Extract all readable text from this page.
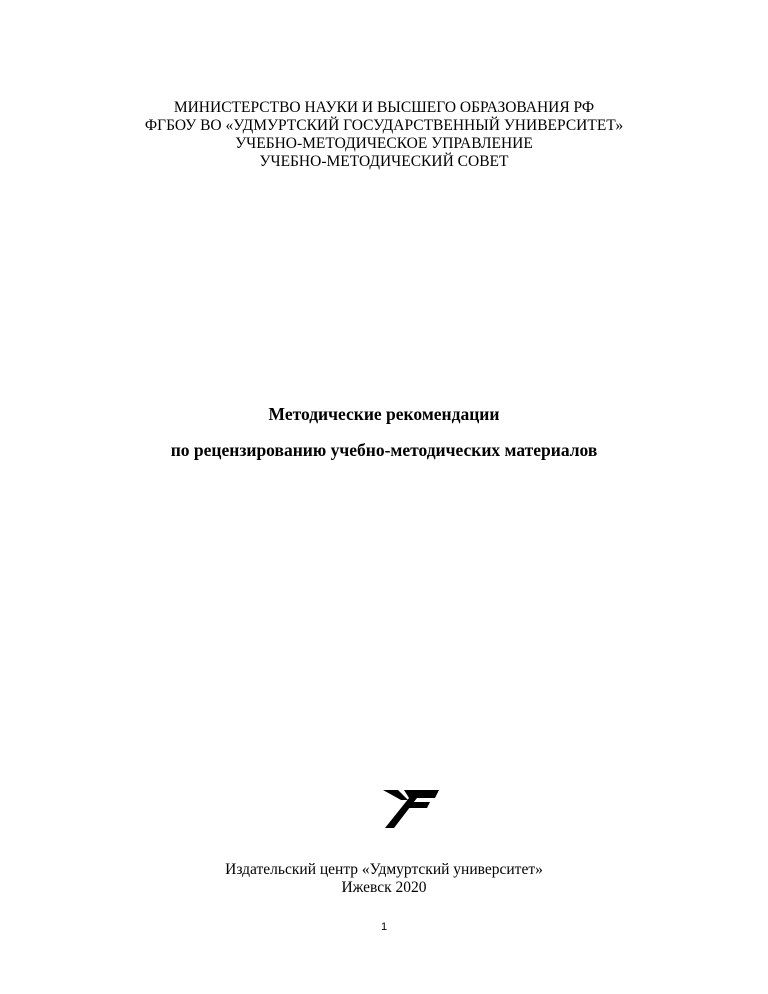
МИНИСТЕРСТВО НАУКИ И ВЫСШЕГО ОБРАЗОВАНИЯ РФ
ФГБОУ ВО «УДМУРТСКИЙ ГОСУДАРСТВЕННЫЙ УНИВЕРСИТЕТ»
УЧЕБНО-МЕТОДИЧЕСКОЕ УПРАВЛЕНИЕ
УЧЕБНО-МЕТОДИЧЕСКИЙ СОВЕТ
Методические рекомендации
по рецензированию учебно-методических материалов
Издательский центр «Удмуртский университет»
Ижевск 2020
1
